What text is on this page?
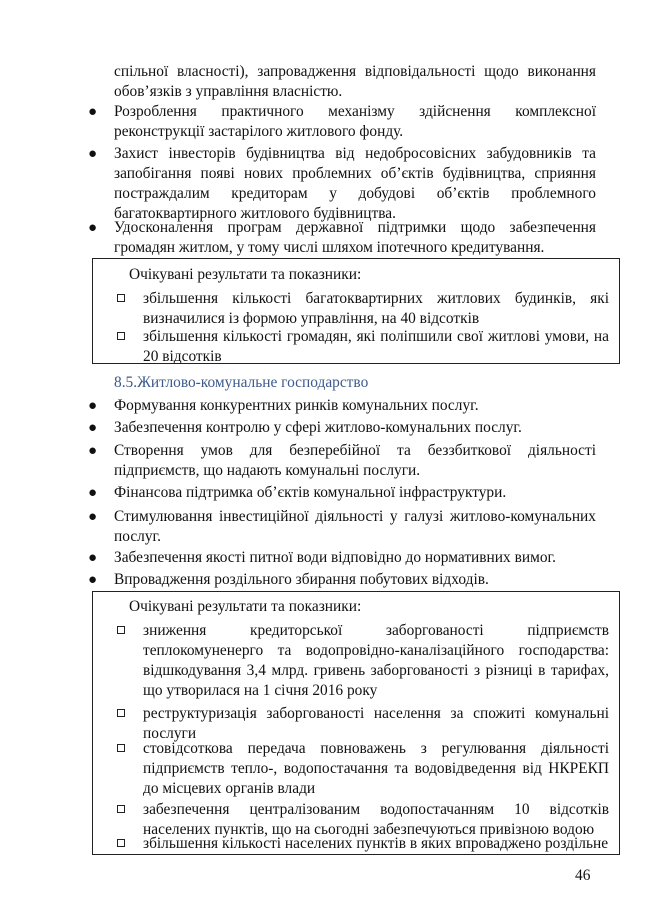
спільної власності), запровадження відповідальності щодо виконання обов’язків з управління власністю.
●	Розроблення практичного механізму здійснення комплексної реконструкції застарілого житлового фонду.
●	Захист інвесторів будівництва від недобросовісних забудовників та запобігання появі нових проблемних об’єктів будівництва, сприяння постраждалим кредиторам у добудові об’єктів проблемного багатоквартирного житлового будівництва.
●	Удосконалення програм державної підтримки щодо забезпечення громадян житлом, у тому числі шляхом іпотечного кредитування.
Очікувані результати та показники:
збільшення кількості багатоквартирних житлових будинків, які визначилися із формою управління, на 40 відсотків
збільшення кількості громадян, які поліпшили свої житлові умови, на 20 відсотків
8.5.Житлово-комунальне господарство
●	Формування конкурентних ринків комунальних послуг.
●	Забезпечення контролю у сфері житлово-комунальних послуг.
●	Створення умов для безперебійної та беззбиткової діяльності підприємств, що надають комунальні послуги.
●	Фінансова підтримка об’єктів комунальної інфраструктури.
●	Стимулювання інвестиційної діяльності у галузі житлово-комунальних послуг.
●	Забезпечення якості питної води відповідно до нормативних вимог.
●	Впровадження роздільного збирання побутових відходів.
Очікувані результати та показники:
зниження кредиторської заборгованості підприємств теплокомуненерго та водопровідно-каналізаційного господарства: відшкодування 3,4 млрд. гривень заборгованості з різниці в тарифах, що утворилася на 1 січня 2016 року
реструктуризація заборгованості населення за спожиті комунальні послуги
стовідсоткова передача повноважень з регулювання діяльності підприємств тепло-, водопостачання та водовідведення від НКРЕКП до місцевих органів влади
забезпечення централізованим водопостачанням 10 відсотків населених пунктів, що на сьогодні забезпечуються привізною водою
збільшення кількості населених пунктів в яких впроваджено роздільне
46
